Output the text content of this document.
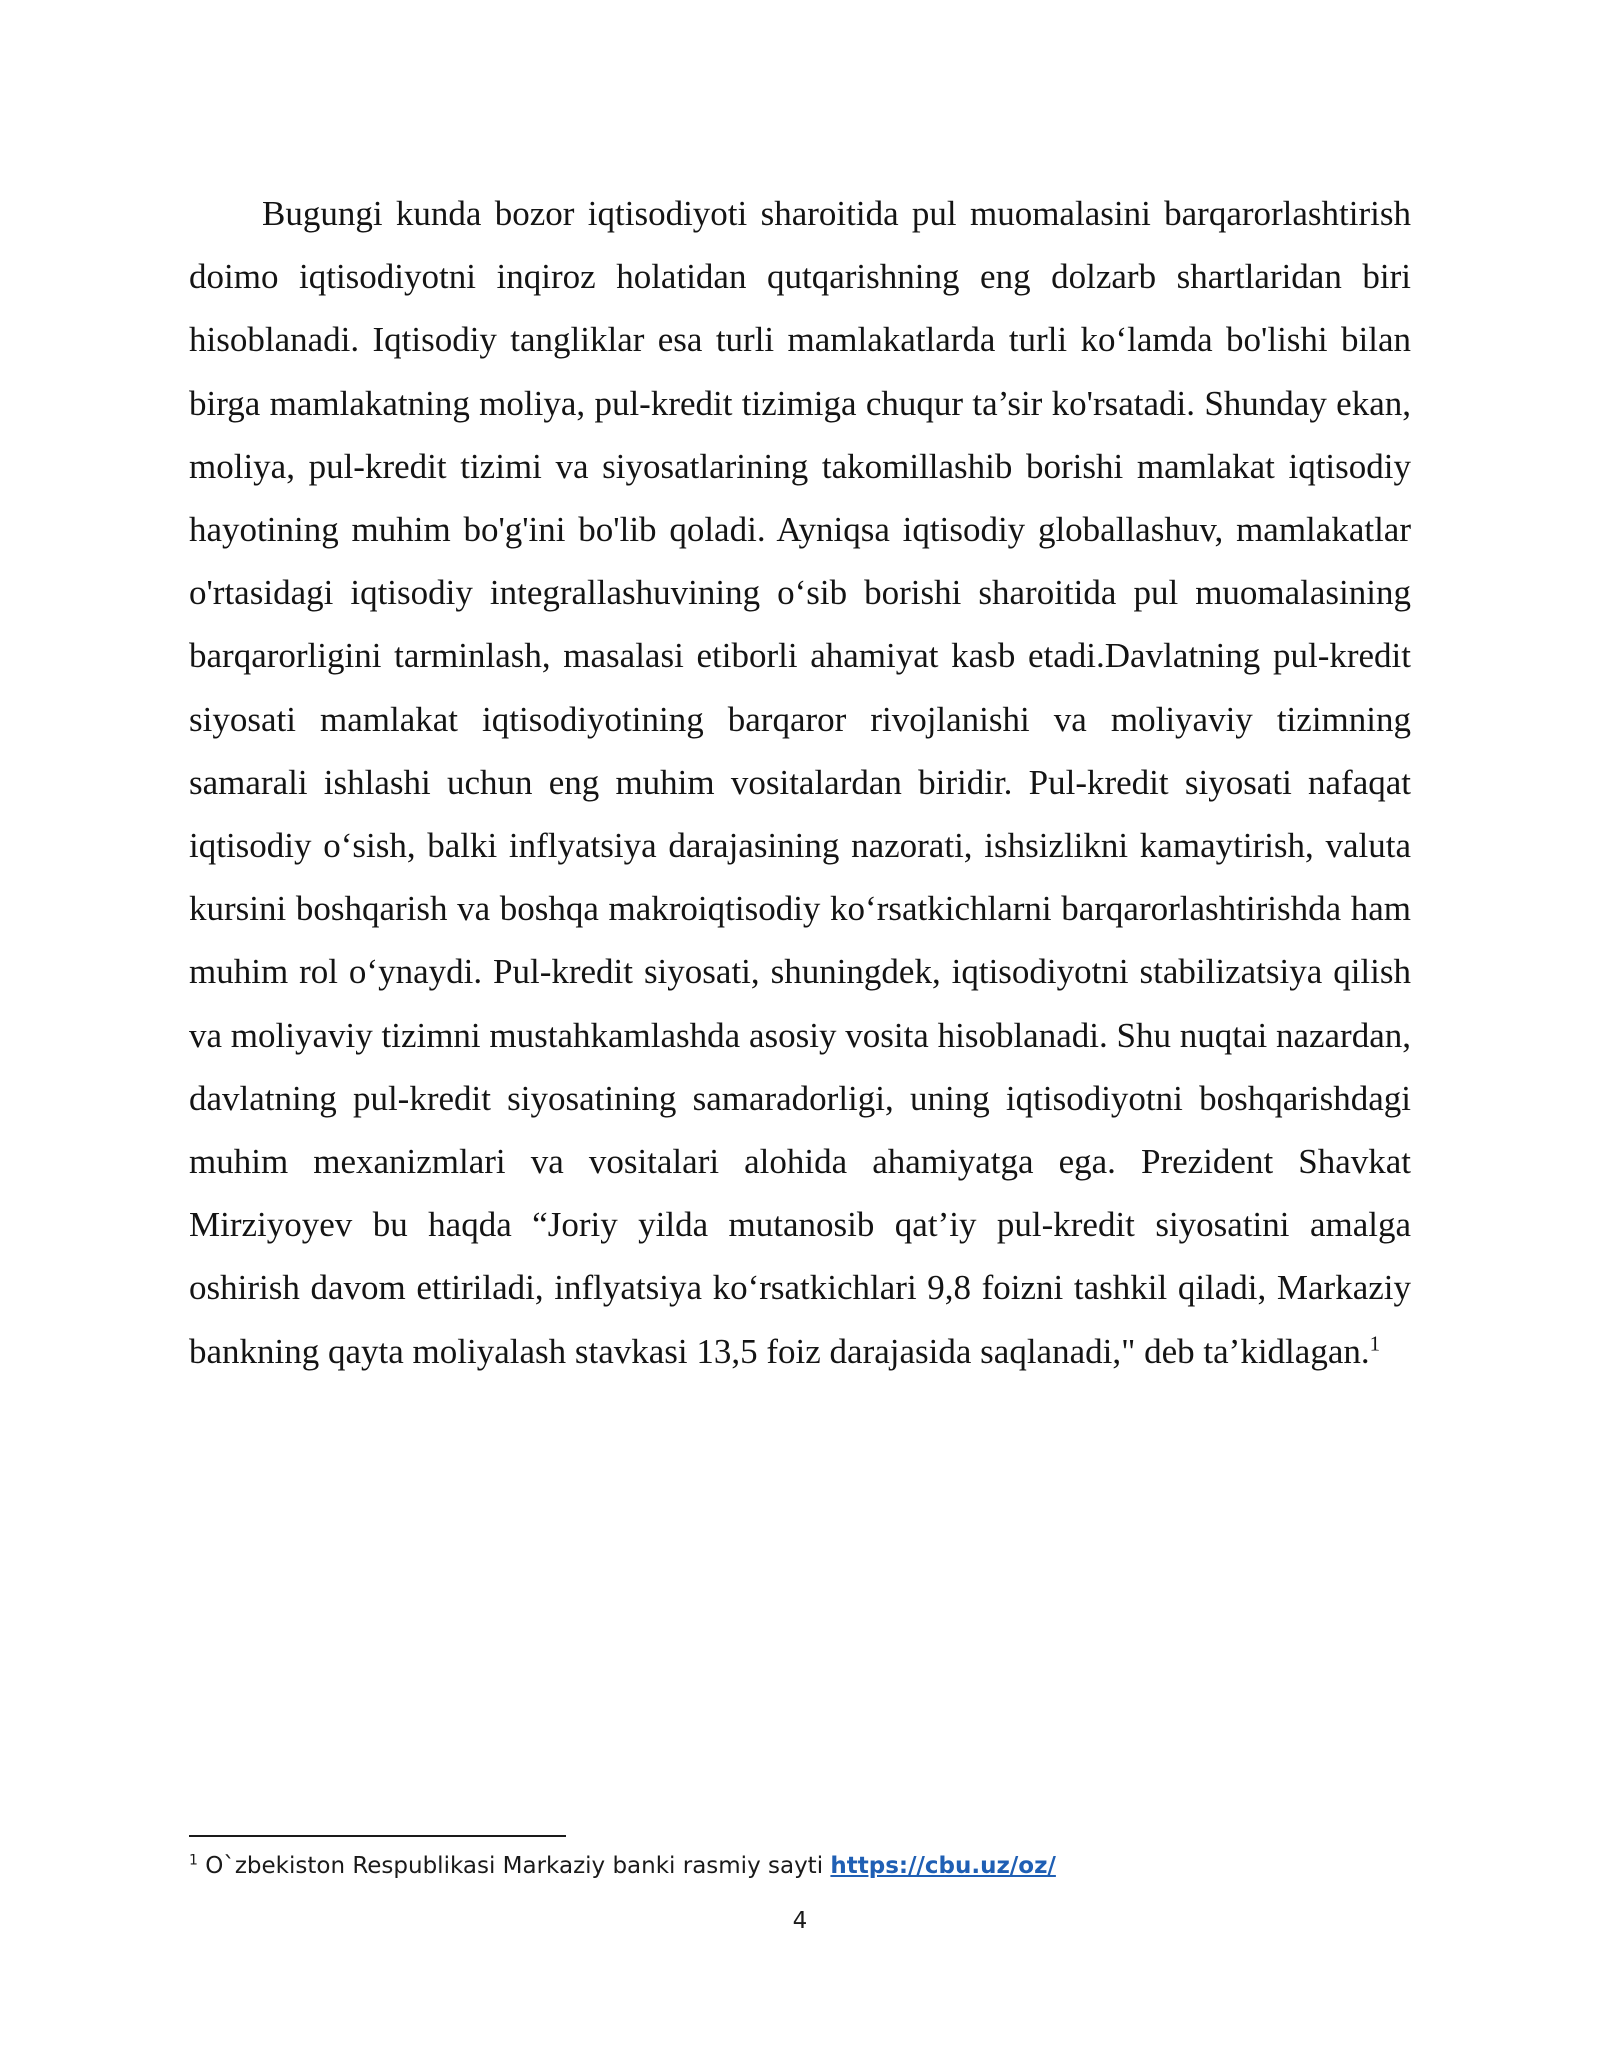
Bugungi kunda bozor iqtisodiyoti sharoitida pul muomalasini barqarorlashtirish doimo iqtisodiyotni inqiroz holatidan qutqarishning eng dolzarb shartlaridan biri hisoblanadi. Iqtisodiy tangliklar esa turli mamlakatlarda turli ko‘lamda bo'lishi bilan birga mamlakatning moliya, pul-kredit tizimiga chuqur ta’sir ko'rsatadi. Shunday ekan, moliya, pul-kredit tizimi va siyosatlarining takomillashib borishi mamlakat iqtisodiy hayotining muhim bo'g'ini bo'lib qoladi. Ayniqsa iqtisodiy globallashuv, mamlakatlar o'rtasidagi iqtisodiy integrallashuvining o‘sib borishi sharoitida pul muomalasining barqarorligini tarminlash, masalasi etiborli ahamiyat kasb etadi.Davlatning pul-kredit siyosati mamlakat iqtisodiyotining barqaror rivojlanishi va moliyaviy tizimning samarali ishlashi uchun eng muhim vositalardan biridir. Pul-kredit siyosati nafaqat iqtisodiy o‘sish, balki inflyatsiya darajasining nazorati, ishsizlikni kamaytirish, valuta kursini boshqarish va boshqa makroiqtisodiy ko‘rsatkichlarni barqarorlashtirishda ham muhim rol o‘ynaydi. Pul-kredit siyosati, shuningdek, iqtisodiyotni stabilizatsiya qilish va moliyaviy tizimni mustahkamlashda asosiy vosita hisoblanadi. Shu nuqtai nazardan, davlatning pul-kredit siyosatining samaradorligi, uning iqtisodiyotni boshqarishdagi muhim mexanizmlari va vositalari alohida ahamiyatga ega. Prezident Shavkat Mirziyoyev bu haqda “Joriy yilda mutanosib qat’iy pul-kredit siyosatini amalga oshirish davom ettiriladi, inflyatsiya ko‘rsatkichlari 9,8 foizni tashkil qiladi, Markaziy bankning qayta moliyalash stavkasi 13,5 foiz darajasida saqlanadi," deb ta’kidlagan.$^1$

$^1$ O`zbekiston Respublikasi Markaziy banki rasmiy sayti https://cbu.uz/oz/

4
